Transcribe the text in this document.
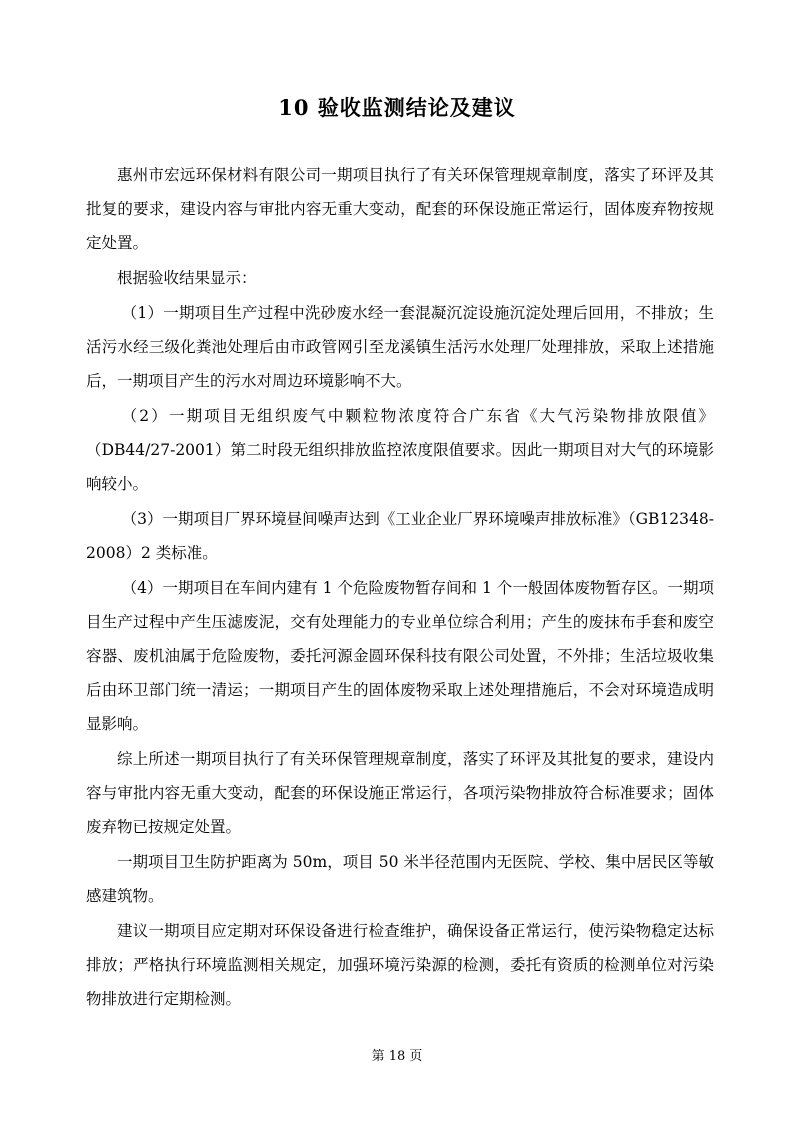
10 验收监测结论及建议

惠州市宏远环保材料有限公司一期项目执行了有关环保管理规章制度，落实了环评及其批复的要求，建设内容与审批内容无重大变动，配套的环保设施正常运行，固体废弃物按规定处置。

根据验收结果显示：

（1）一期项目生产过程中洗砂废水经一套混凝沉淀设施沉淀处理后回用，不排放；生活污水经三级化粪池处理后由市政管网引至龙溪镇生活污水处理厂处理排放，采取上述措施后，一期项目产生的污水对周边环境影响不大。

（2）一期项目无组织废气中颗粒物浓度符合广东省《大气污染物排放限值》（DB44/27-2001）第二时段无组织排放监控浓度限值要求。因此一期项目对大气的环境影响较小。

（3）一期项目厂界环境昼间噪声达到《工业企业厂界环境噪声排放标准》（GB12348-2008）2 类标准。

（4）一期项目在车间内建有 1 个危险废物暂存间和 1 个一般固体废物暂存区。一期项目生产过程中产生压滤废泥，交有处理能力的专业单位综合利用；产生的废抹布手套和废空容器、废机油属于危险废物，委托河源金圆环保科技有限公司处置，不外排；生活垃圾收集后由环卫部门统一清运；一期项目产生的固体废物采取上述处理措施后，不会对环境造成明显影响。

综上所述一期项目执行了有关环保管理规章制度，落实了环评及其批复的要求，建设内容与审批内容无重大变动，配套的环保设施正常运行，各项污染物排放符合标准要求；固体废弃物已按规定处置。

一期项目卫生防护距离为 50m，项目 50 米半径范围内无医院、学校、集中居民区等敏感建筑物。

建议一期项目应定期对环保设备进行检查维护，确保设备正常运行，使污染物稳定达标排放；严格执行环境监测相关规定，加强环境污染源的检测，委托有资质的检测单位对污染物排放进行定期检测。

第 18 页
